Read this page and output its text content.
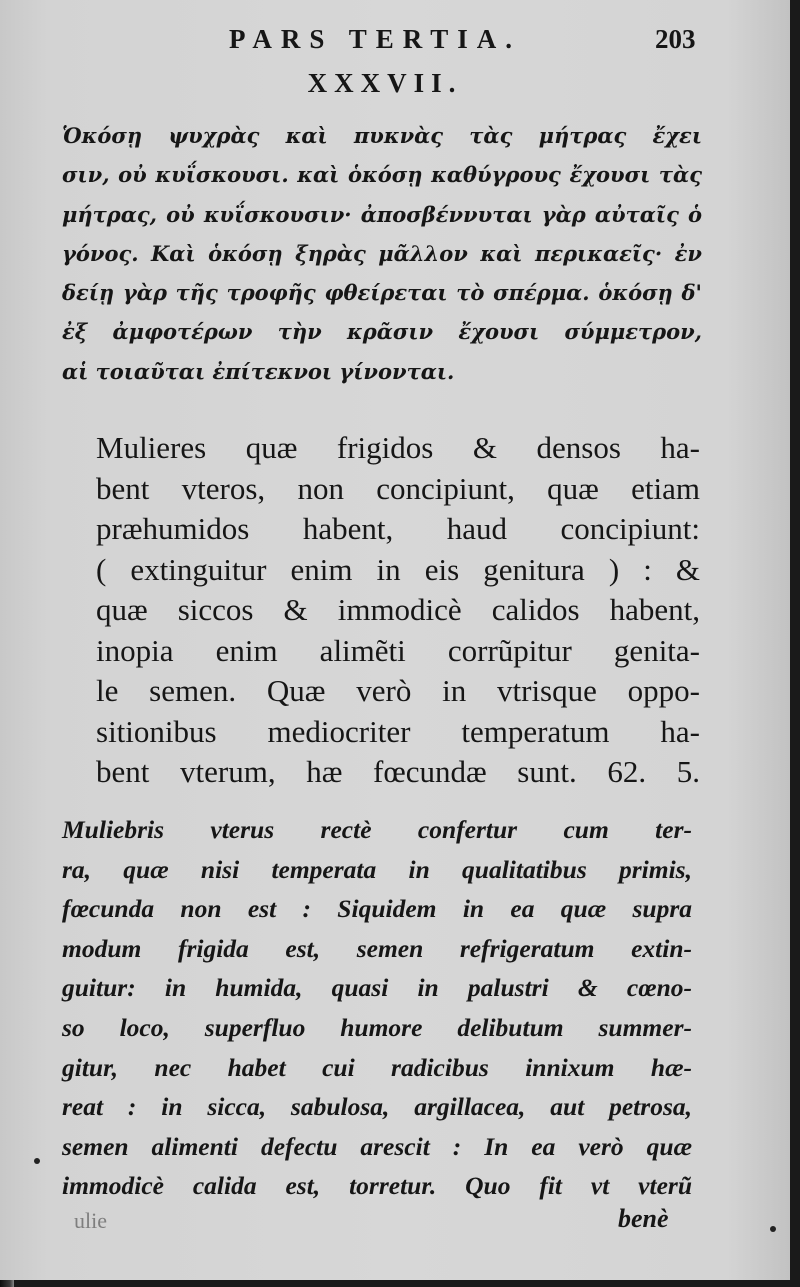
PARS TERTIA.	203
XXXVII.
Ὁκόσῃ ψυχρὰς καὶ πυκνὰς τὰς μήτρας ἔχει
σιν, οὐ κυΐσκουσι. καὶ ὁκόσῃ καθύγρους ἔχουσι τὰς
μήτρας, οὐ κυΐσκουσιν· ἀποσβέννυται γὰρ αὐταῖς ὁ
γόνος. Καὶ ὁκόσῃ ξηρὰς μᾶλλον καὶ περικαεῖς· ἐν
δείῃ γὰρ τῆς τροφῆς φθείρεται τὸ σπέρμα. ὁκόσῃ δ'
ἐξ ἀμφοτέρων τὴν κρᾶσιν ἔχουσι σύμμετρον,
αἱ τοιαῦται ἐπίτεκνοι γίνονται.
Mulieres quæ frigidos & densos ha-
bent vteros, non concipiunt, quæ etiam
præhumidos habent, haud concipiunt:
( extinguitur enim in eis genitura ) : &
quæ siccos & immodicè calidos habent,
inopia enim alimẽti corrũpitur genita-
le semen. Quæ verò in vtrisque oppo-
sitionibus mediocriter temperatum ha-
bent vterum, hæ fœcundæ sunt. 62. 5.
Muliebris vterus rectè confertur cum ter-
ra, quæ nisi temperata in qualitatibus primis,
fœcunda non est : Siquidem in ea quæ supra
modum frigida est, semen refrigeratum extin-
guitur: in humida, quasi in palustri & cœno-
so loco, superfluo humore delibutum summer-
gitur, nec habet cui radicibus innixum hæ-
reat : in sicca, sabulosa, argillacea, aut petrosa,
semen alimenti defectu arescit : In ea verò quæ
immodicè calida est, torretur. Quo fit vt vterũ
ulie	benè
